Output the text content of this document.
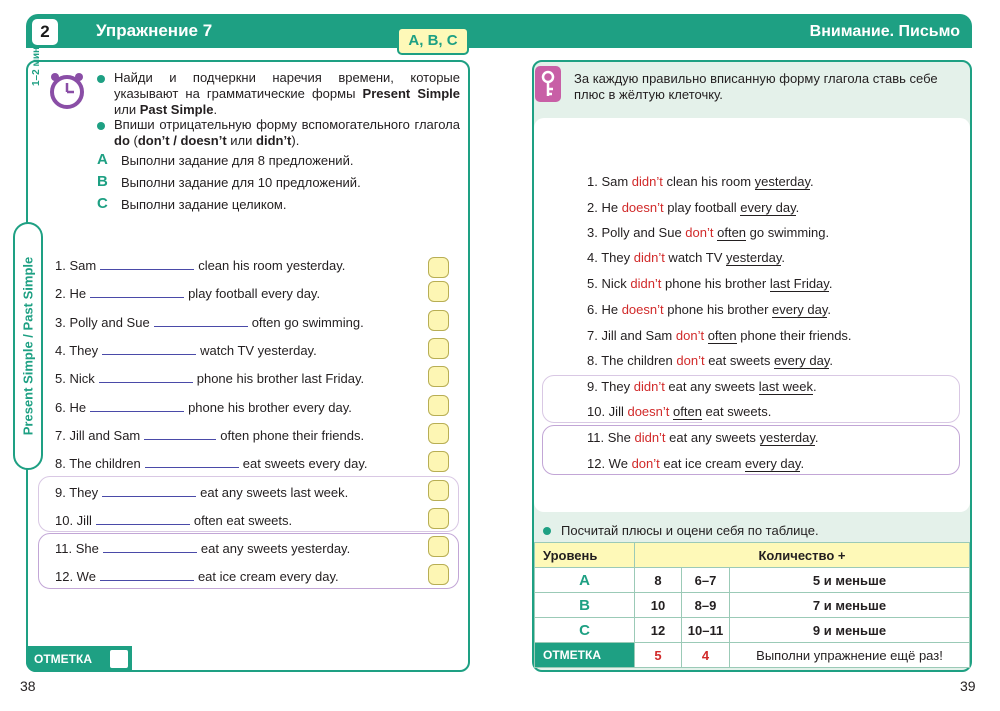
2	Упражнение 7	Внимание. Письмо
А, В, С
1–2 мин	Найди и подчеркни наречия времени, которые указывают на грамматические формы Present Simple или Past Simple.
Впиши отрицательную форму вспомогательного глагола do (don’t / doesn’t или didn’t).
А Выполни задание для 8 предложений.
В Выполни задание для 10 предложений.
С Выполни задание целиком.
Present Simple / Past Simple 1. Sam	clean his room yesterday.
2. He	play football every day.
3. Polly and Sue	often go swimming.
4. They	watch TV yesterday.
5. Nick	phone his brother last Friday.
6. He	phone his brother every day.
7. Jill and Sam	often phone their friends.
8. The children	eat sweets every day.
9. They	eat any sweets last week.
10. Jill	often eat sweets.
11. She	eat any sweets yesterday.
12. We	eat ice cream every day.
ОТМЕТКА
38
За каждую правильно вписанную форму глагола ставь себе плюс в жёлтую клеточку.
1. Sam didn’t clean his room yesterday.
2. He doesn’t play football every day.
3. Polly and Sue don’t often go swimming.
4. They didn’t watch TV yesterday.
5. Nick didn’t phone his brother last Friday.
6. He doesn’t phone his brother every day.
7. Jill and Sam don’t often phone their friends.
8. The children don’t eat sweets every day.
9. They didn’t eat any sweets last week.
10. Jill doesn’t often eat sweets.
11. She didn’t eat any sweets yesterday.
12. We don’t eat ice cream every day.
Посчитай плюсы и оцени себя по таблице.
Уровень	Количество +		
А	8	6–7	5 и меньше
В	10	8–9	7 и меньше
С	12	10–11	9 и меньше
ОТМЕТКА	5	4	Выполни упражнение ещё раз!
39
